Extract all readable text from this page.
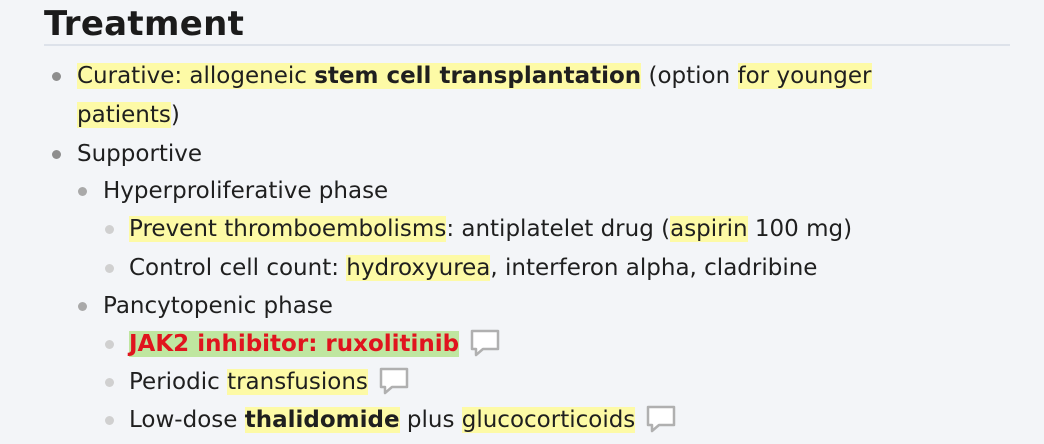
Treatment
Curative: allogeneic stem cell transplantation (option for younger
patients)
Supportive
Hyperproliferative phase
Prevent thromboembolisms: antiplatelet drug (aspirin 100 mg)
Control cell count: hydroxyurea, interferon alpha, cladribine
Pancytopenic phase
JAK2 inhibitor: ruxolitinib
Periodic transfusions
Low-dose thalidomide plus glucocorticoids
